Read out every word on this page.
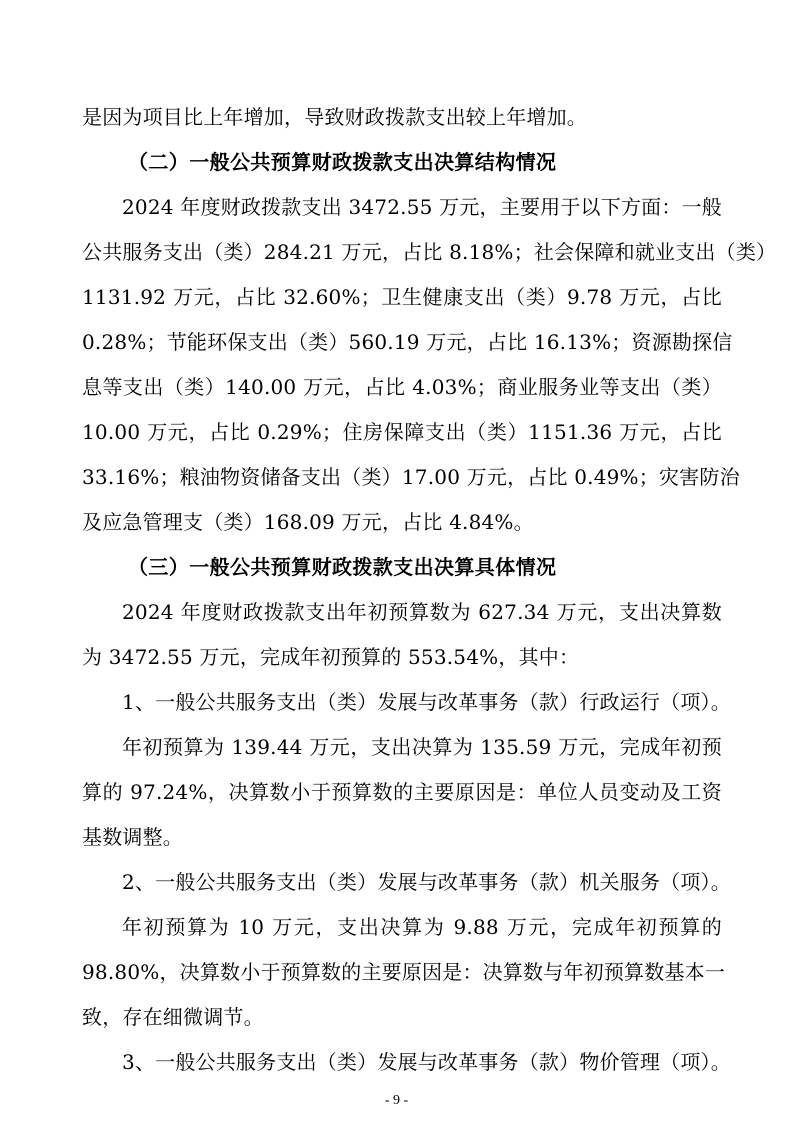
是因为项目比上年增加，导致财政拨款支出较上年增加。
（二）一般公共预算财政拨款支出决算结构情况
2024 年度财政拨款支出 3472.55 万元，主要用于以下方面：一般
公共服务支出（类）284.21 万元，占比 8.18%；社会保障和就业支出（类）
1131.92 万元，占比 32.60%；卫生健康支出（类）9.78 万元，占比
0.28%；节能环保支出（类）560.19 万元，占比 16.13%；资源勘探信
息等支出（类）140.00 万元，占比 4.03%；商业服务业等支出（类）
10.00 万元，占比 0.29%；住房保障支出（类）1151.36 万元，占比
33.16%；粮油物资储备支出（类）17.00 万元，占比 0.49%；灾害防治
及应急管理支（类）168.09 万元，占比 4.84%。
（三）一般公共预算财政拨款支出决算具体情况
2024 年度财政拨款支出年初预算数为 627.34 万元，支出决算数
为 3472.55 万元，完成年初预算的 553.54%，其中：
1、一般公共服务支出（类）发展与改革事务（款）行政运行（项）。
年初预算为 139.44 万元，支出决算为 135.59 万元，完成年初预
算的 97.24%，决算数小于预算数的主要原因是：单位人员变动及工资
基数调整。
2、一般公共服务支出（类）发展与改革事务（款）机关服务（项）。
年初预算为 10 万元，支出决算为 9.88 万元，完成年初预算的
98.80%，决算数小于预算数的主要原因是：决算数与年初预算数基本一
致，存在细微调节。
3、一般公共服务支出（类）发展与改革事务（款）物价管理（项）。
- 9 -
